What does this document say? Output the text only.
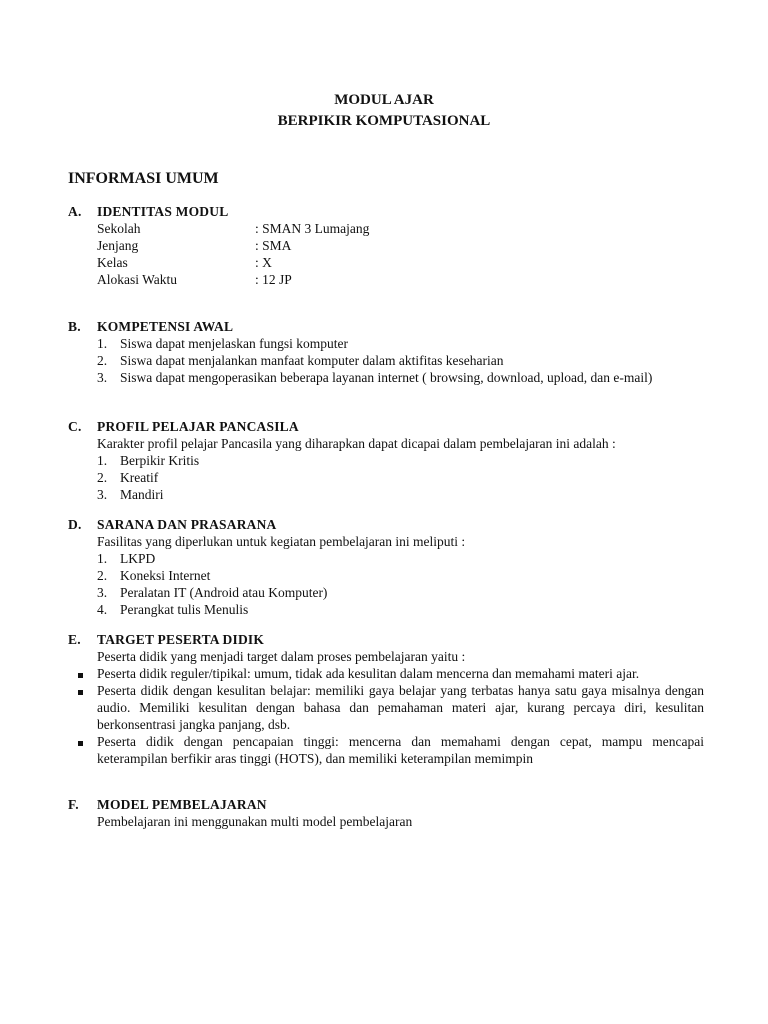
MODUL AJAR
BERPIKIR KOMPUTASIONAL
INFORMASI UMUM
A.	IDENTITAS MODUL
Sekolah	: SMAN 3 Lumajang
Jenjang	: SMA
Kelas	: X
Alokasi Waktu	: 12 JP
B.	KOMPETENSI AWAL
1. Siswa dapat menjelaskan fungsi komputer
2. Siswa dapat menjalankan manfaat komputer dalam aktifitas keseharian
3. Siswa dapat mengoperasikan beberapa layanan internet ( browsing, download, upload, dan e-mail)
C.	PROFIL PELAJAR PANCASILA
Karakter profil pelajar Pancasila yang diharapkan dapat dicapai dalam pembelajaran ini adalah :
1. Berpikir Kritis
2. Kreatif
3. Mandiri
D.	SARANA DAN PRASARANA
Fasilitas yang diperlukan untuk kegiatan pembelajaran ini meliputi :
1. LKPD
2. Koneksi Internet
3. Peralatan IT (Android atau Komputer)
4. Perangkat tulis Menulis
E.	TARGET PESERTA DIDIK
Peserta didik yang menjadi target dalam proses pembelajaran yaitu :
Peserta didik reguler/tipikal: umum, tidak ada kesulitan dalam mencerna dan memahami materi ajar.
Peserta didik dengan kesulitan belajar: memiliki gaya belajar yang terbatas hanya satu gaya misalnya dengan audio. Memiliki kesulitan dengan bahasa dan pemahaman materi ajar, kurang percaya diri, kesulitan berkonsentrasi jangka panjang, dsb.
Peserta didik dengan pencapaian tinggi: mencerna dan memahami dengan cepat, mampu mencapai keterampilan berfikir aras tinggi (HOTS), dan memiliki keterampilan memimpin
F.	MODEL PEMBELAJARAN
Pembelajaran ini menggunakan multi model pembelajaran
